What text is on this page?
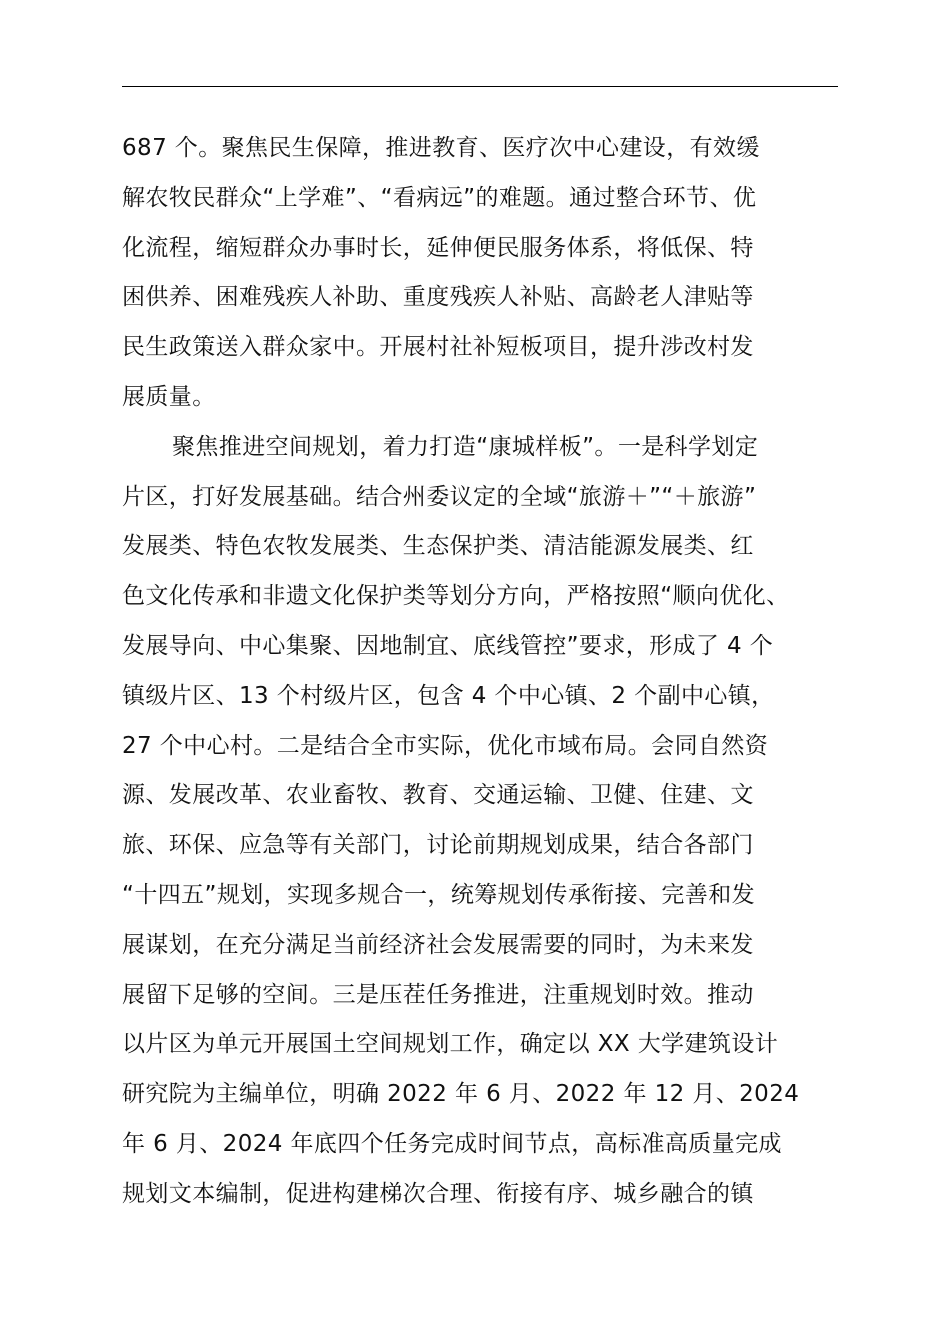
687 个。聚焦民生保障，推进教育、医疗次中心建设，有效缓
解农牧民群众“上学难”、“看病远”的难题。通过整合环节、优
化流程，缩短群众办事时长，延伸便民服务体系，将低保、特
困供养、困难残疾人补助、重度残疾人补贴、高龄老人津贴等
民生政策送入群众家中。开展村社补短板项目，提升涉改村发
展质量。
聚焦推进空间规划，着力打造“康城样板”。一是科学划定
片区，打好发展基础。结合州委议定的全域“旅游＋”“＋旅游”
发展类、特色农牧发展类、生态保护类、清洁能源发展类、红
色文化传承和非遗文化保护类等划分方向，严格按照“顺向优化、
发展导向、中心集聚、因地制宜、底线管控”要求，形成了 4 个
镇级片区、13 个村级片区，包含 4 个中心镇、2 个副中心镇，
27 个中心村。二是结合全市实际，优化市域布局。会同自然资
源、发展改革、农业畜牧、教育、交通运输、卫健、住建、文
旅、环保、应急等有关部门，讨论前期规划成果，结合各部门
“十四五”规划，实现多规合一，统筹规划传承衔接、完善和发
展谋划，在充分满足当前经济社会发展需要的同时，为未来发
展留下足够的空间。三是压茬任务推进，注重规划时效。推动
以片区为单元开展国土空间规划工作，确定以 XX 大学建筑设计
研究院为主编单位，明确 2022 年 6 月、2022 年 12 月、2024
年 6 月、2024 年底四个任务完成时间节点，高标准高质量完成
规划文本编制，促进构建梯次合理、衔接有序、城乡融合的镇
